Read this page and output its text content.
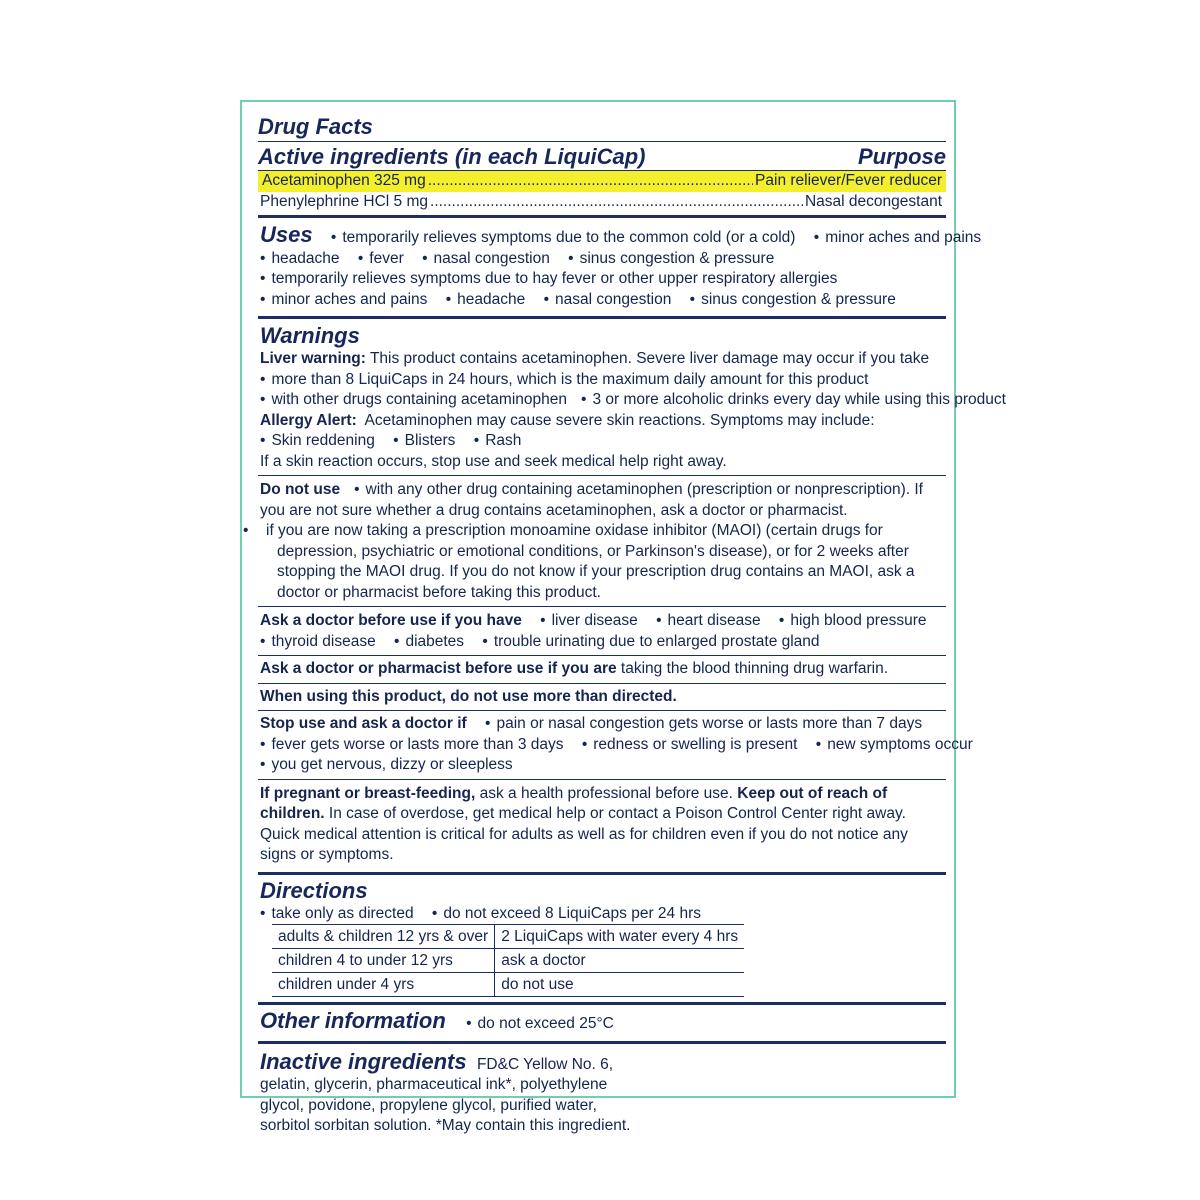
Drug Facts
Active ingredients (in each LiquiCap)	Purpose
Acetaminophen 325 mg .....	Pain reliever/Fever reducer
Phenylephrine HCl 5 mg .....	Nasal decongestant
Uses • temporarily relieves symptoms due to the common cold (or a cold) • minor aches and pains
• headache • fever • nasal congestion • sinus congestion & pressure
• temporarily relieves symptoms due to hay fever or other upper respiratory allergies
• minor aches and pains • headache • nasal congestion • sinus congestion & pressure
Warnings
Liver warning: This product contains acetaminophen. Severe liver damage may occur if you take
• more than 8 LiquiCaps in 24 hours, which is the maximum daily amount for this product
• with other drugs containing acetaminophen • 3 or more alcoholic drinks every day while using this product
Allergy Alert: Acetaminophen may cause severe skin reactions. Symptoms may include:
• Skin reddening • Blisters • Rash
If a skin reaction occurs, stop use and seek medical help right away.
Do not use • with any other drug containing acetaminophen (prescription or nonprescription). If you are not sure whether a drug contains acetaminophen, ask a doctor or pharmacist.
if you are now taking a prescription monoamine oxidase inhibitor (MAOI) (certain drugs for depression, psychiatric or emotional conditions, or Parkinson's disease), or for 2 weeks after stopping the MAOI drug. If you do not know if your prescription drug contains an MAOI, ask a doctor or pharmacist before taking this product.
Ask a doctor before use if you have • liver disease • heart disease • high blood pressure
• thyroid disease • diabetes • trouble urinating due to enlarged prostate gland
Ask a doctor or pharmacist before use if you are taking the blood thinning drug warfarin.
When using this product, do not use more than directed.
Stop use and ask a doctor if • pain or nasal congestion gets worse or lasts more than 7 days
• fever gets worse or lasts more than 3 days • redness or swelling is present • new symptoms occur
• you get nervous, dizzy or sleepless
If pregnant or breast-feeding, ask a health professional before use. Keep out of reach of children. In case of overdose, get medical help or contact a Poison Control Center right away. Quick medical attention is critical for adults as well as for children even if you do not notice any signs or symptoms.
Directions
• take only as directed • do not exceed 8 LiquiCaps per 24 hrs
adults & children 12 yrs & over	2 LiquiCaps with water every 4 hrs
children 4 to under 12 yrs	ask a doctor
children under 4 yrs	do not use
Other information • do not exceed 25°C
Inactive ingredients FD&C Yellow No. 6,
gelatin, glycerin, pharmaceutical ink*, polyethylene
glycol, povidone, propylene glycol, purified water,
sorbitol sorbitan solution. *May contain this ingredient.
